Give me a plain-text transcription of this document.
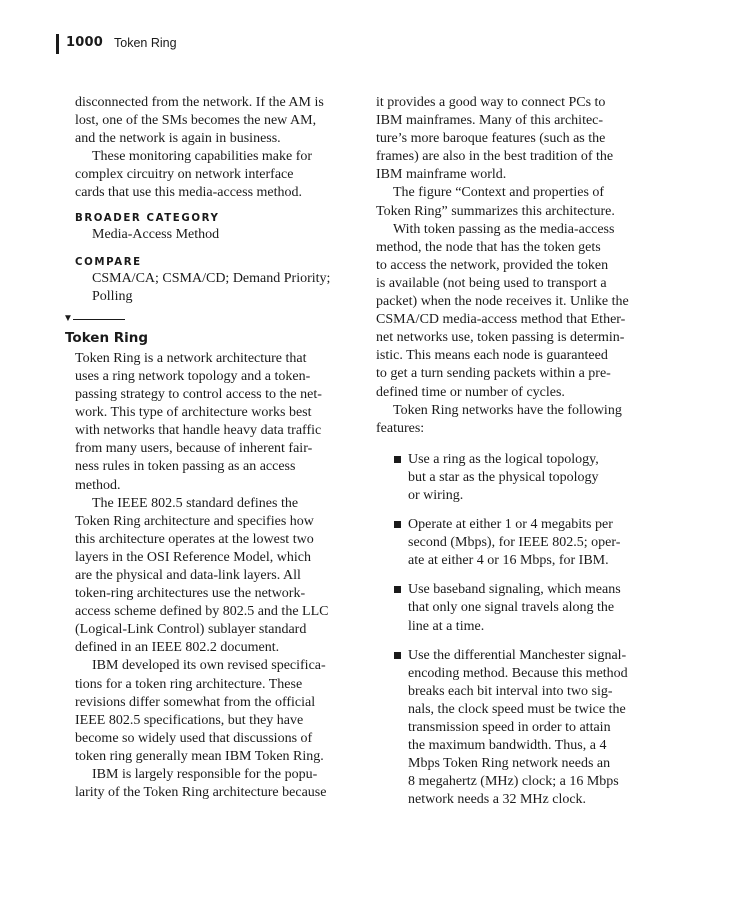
1000 Token Ring
disconnected from the network. If the AM is
lost, one of the SMs becomes the new AM,
and the network is again in business.
These monitoring capabilities make for
complex circuitry on network interface
cards that use this media-access method.
BROADER CATEGORY
Media-Access Method
COMPARE
CSMA/CA; CSMA/CD; Demand Priority;
Polling
▼
Token Ring
Token Ring is a network architecture that
uses a ring network topology and a token-
passing strategy to control access to the net-
work. This type of architecture works best
with networks that handle heavy data traffic
from many users, because of inherent fair-
ness rules in token passing as an access
method.
The IEEE 802.5 standard defines the
Token Ring architecture and specifies how
this architecture operates at the lowest two
layers in the OSI Reference Model, which
are the physical and data-link layers. All
token-ring architectures use the network-
access scheme defined by 802.5 and the LLC
(Logical-Link Control) sublayer standard
defined in an IEEE 802.2 document.
IBM developed its own revised specifica-
tions for a token ring architecture. These
revisions differ somewhat from the official
IEEE 802.5 specifications, but they have
become so widely used that discussions of
token ring generally mean IBM Token Ring.
IBM is largely responsible for the popu-
larity of the Token Ring architecture because
it provides a good way to connect PCs to
IBM mainframes. Many of this architec-
ture’s more baroque features (such as the
frames) are also in the best tradition of the
IBM mainframe world.
The figure “Context and properties of
Token Ring” summarizes this architecture.
With token passing as the media-access
method, the node that has the token gets
to access the network, provided the token
is available (not being used to transport a
packet) when the node receives it. Unlike the
CSMA/CD media-access method that Ether-
net networks use, token passing is determin-
istic. This means each node is guaranteed
to get a turn sending packets within a pre-
defined time or number of cycles.
Token Ring networks have the following
features:
Use a ring as the logical topology,
but a star as the physical topology
or wiring.
Operate at either 1 or 4 megabits per
second (Mbps), for IEEE 802.5; oper-
ate at either 4 or 16 Mbps, for IBM.
Use baseband signaling, which means
that only one signal travels along the
line at a time.
Use the differential Manchester signal-
encoding method. Because this method
breaks each bit interval into two sig-
nals, the clock speed must be twice the
transmission speed in order to attain
the maximum bandwidth. Thus, a 4
Mbps Token Ring network needs an
8 megahertz (MHz) clock; a 16 Mbps
network needs a 32 MHz clock.
